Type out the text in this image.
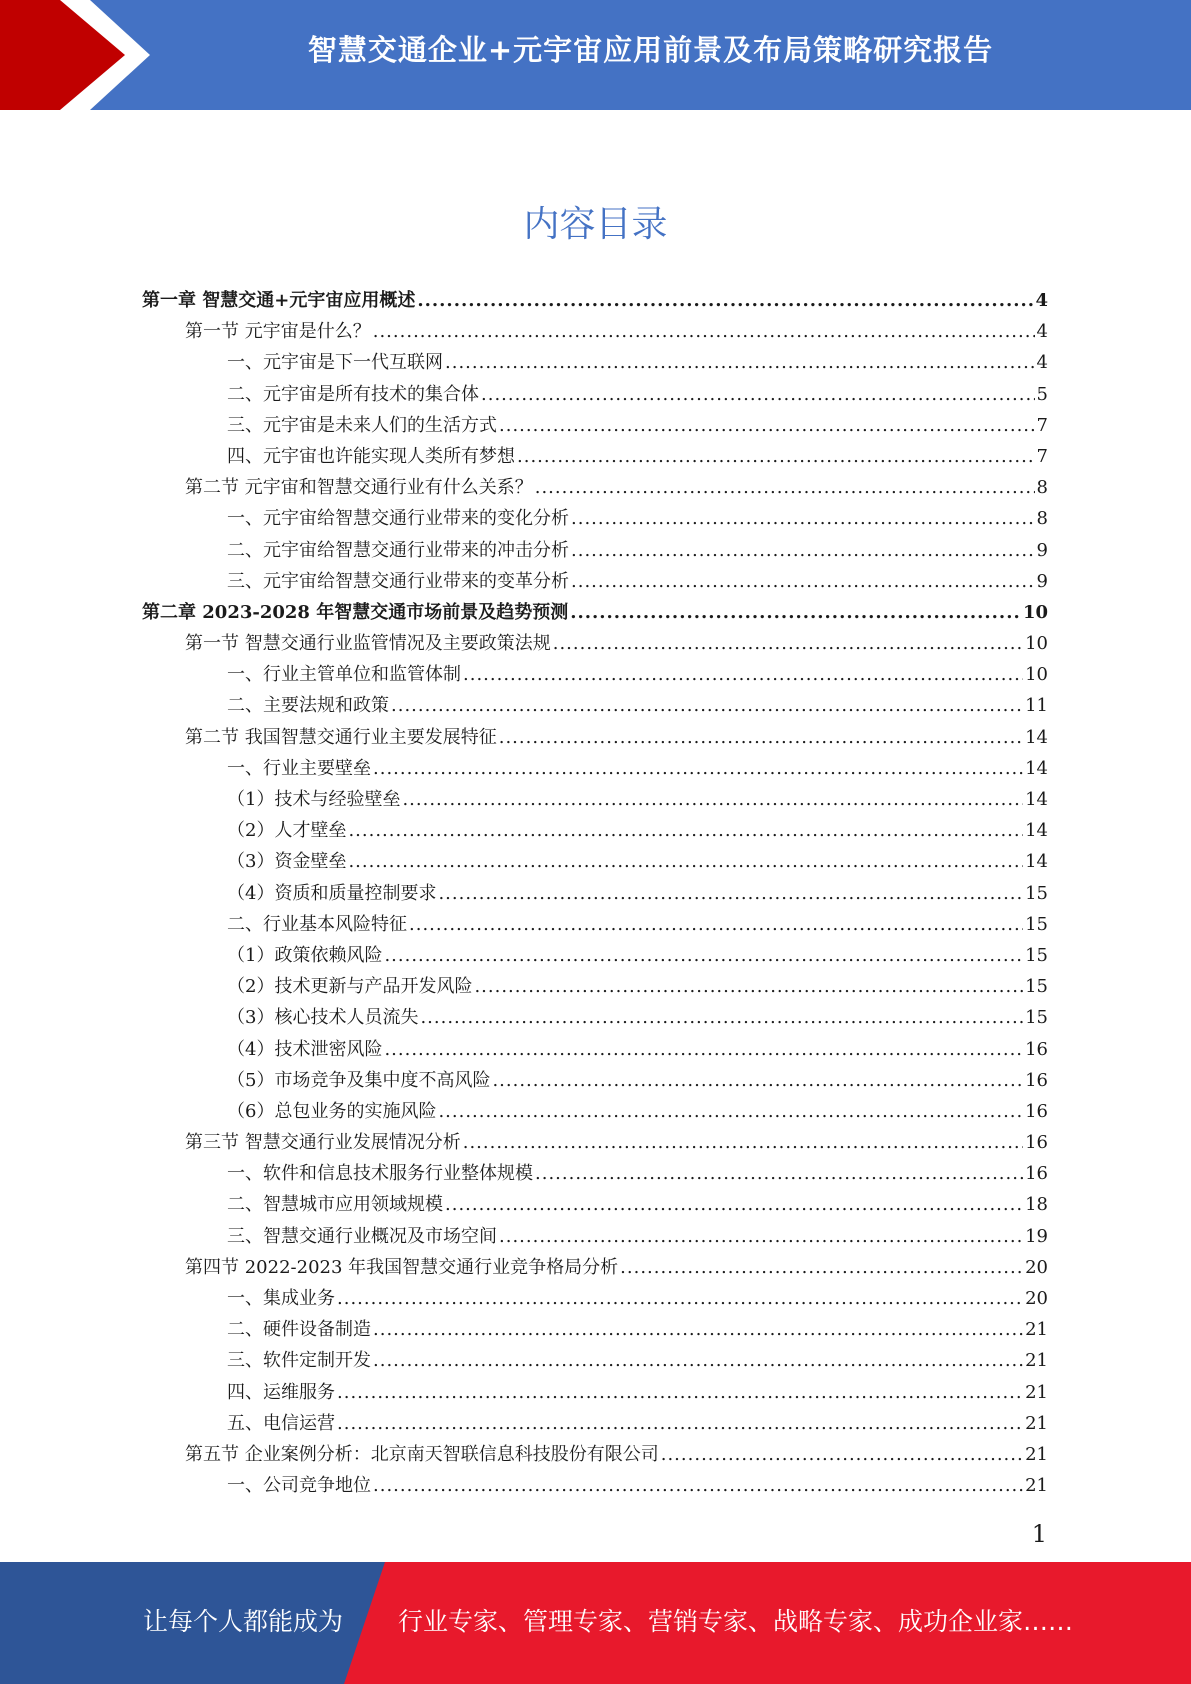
智慧交通企业+元宇宙应用前景及布局策略研究报告
内容目录
第一章 智慧交通+元宇宙应用概述 .....	4
第一节 元宇宙是什么？ .....	4
一、元宇宙是下一代互联网 .....	4
二、元宇宙是所有技术的集合体 .....	5
三、元宇宙是未来人们的生活方式 .....	7
四、元宇宙也许能实现人类所有梦想 .....	7
第二节 元宇宙和智慧交通行业有什么关系？ .....	8
一、元宇宙给智慧交通行业带来的变化分析 .....	8
二、元宇宙给智慧交通行业带来的冲击分析 .....	9
三、元宇宙给智慧交通行业带来的变革分析 .....	9
第二章 2023-2028 年智慧交通市场前景及趋势预测 .....	10
第一节 智慧交通行业监管情况及主要政策法规 .....	10
一、行业主管单位和监管体制 .....	10
二、主要法规和政策 .....	11
第二节 我国智慧交通行业主要发展特征 .....	14
一、行业主要壁垒 .....	14
（1）技术与经验壁垒 .....	14
（2）人才壁垒 .....	14
（3）资金壁垒 .....	14
（4）资质和质量控制要求 .....	15
二、行业基本风险特征 .....	15
（1）政策依赖风险 .....	15
（2）技术更新与产品开发风险 .....	15
（3）核心技术人员流失 .....	15
（4）技术泄密风险 .....	16
（5）市场竞争及集中度不高风险 .....	16
（6）总包业务的实施风险 .....	16
第三节 智慧交通行业发展情况分析 .....	16
一、软件和信息技术服务行业整体规模 .....	16
二、智慧城市应用领域规模 .....	18
三、智慧交通行业概况及市场空间 .....	19
第四节 2022-2023 年我国智慧交通行业竞争格局分析 .....	20
一、集成业务 .....	20
二、硬件设备制造 .....	21
三、软件定制开发 .....	21
四、运维服务 .....	21
五、电信运营 .....	21
第五节 企业案例分析：北京南天智联信息科技股份有限公司 .....	21
一、公司竞争地位 .....	21
1
让每个人都能成为 行业专家、管理专家、营销专家、战略专家、成功企业家……
